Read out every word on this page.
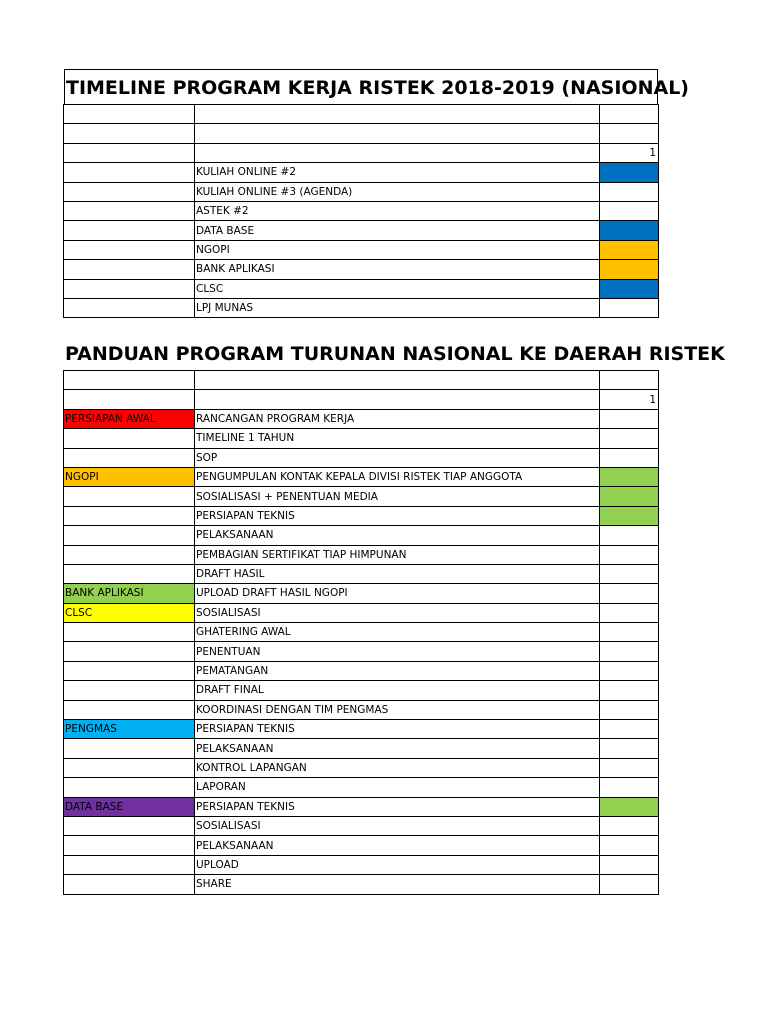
TIMELINE PROGRAM KERJA RISTEK 2018-2019 (NASIONAL)

		1
	KULIAH ONLINE #2	
	KULIAH ONLINE #3 (AGENDA)	
	ASTEK #2	
	DATA BASE	
	NGOPI	
	BANK APLIKASI	
	CLSC	
	LPJ MUNAS	
PANDUAN PROGRAM TURUNAN NASIONAL KE DAERAH RISTEK

		1
PERSIAPAN AWAL	RANCANGAN PROGRAM KERJA	
	TIMELINE 1 TAHUN	
	SOP	
NGOPI	PENGUMPULAN KONTAK KEPALA DIVISI RISTEK TIAP ANGGOTA	
	SOSIALISASI + PENENTUAN MEDIA	
	PERSIAPAN TEKNIS	
	PELAKSANAAN	
	PEMBAGIAN SERTIFIKAT TIAP HIMPUNAN	
	DRAFT HASIL	
BANK APLIKASI	UPLOAD DRAFT HASIL NGOPI	
CLSC	SOSIALISASI	
	GHATERING AWAL	
	PENENTUAN	
	PEMATANGAN	
	DRAFT FINAL	
	KOORDINASI DENGAN TIM PENGMAS	
PENGMAS	PERSIAPAN TEKNIS	
	PELAKSANAAN	
	KONTROL LAPANGAN	
	LAPORAN	
DATA BASE	PERSIAPAN TEKNIS	
	SOSIALISASI	
	PELAKSANAAN	
	UPLOAD	
	SHARE	
